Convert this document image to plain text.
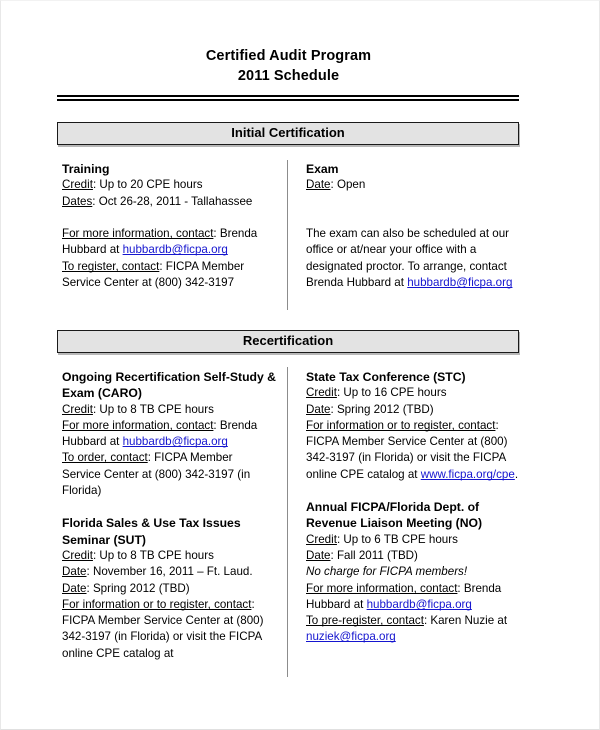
Certified Audit Program
2011 Schedule
Initial Certification
Training
Credit: Up to 20 CPE hours
Dates: Oct 26-28, 2011 - Tallahassee
For more information, contact: Brenda
Hubbard at hubbardb@ficpa.org
To register, contact: FICPA Member
Service Center at (800) 342-3197
Exam
Date: Open
The exam can also be scheduled at our
office or at/near your office with a
designated proctor. To arrange, contact
Brenda Hubbard at hubbardb@ficpa.org
Recertification
Ongoing Recertification Self-Study &
Exam (CARO)
Credit: Up to 8 TB CPE hours
For more information, contact: Brenda
Hubbard at hubbardb@ficpa.org
To order, contact: FICPA Member
Service Center at (800) 342-3197 (in
Florida)
Florida Sales & Use Tax Issues
Seminar (SUT)
Credit: Up to 8 TB CPE hours
Date: November 16, 2011 – Ft. Laud.
Date: Spring 2012 (TBD)
For information or to register, contact:
FICPA Member Service Center at (800)
342-3197 (in Florida) or visit the FICPA
online CPE catalog at
State Tax Conference (STC)
Credit: Up to 16 CPE hours
Date: Spring 2012 (TBD)
For information or to register, contact:
FICPA Member Service Center at (800)
342-3197 (in Florida) or visit the FICPA
online CPE catalog at www.ficpa.org/cpe.
Annual FICPA/Florida Dept. of
Revenue Liaison Meeting (NO)
Credit: Up to 6 TB CPE hours
Date: Fall 2011 (TBD)
No charge for FICPA members!
For more information, contact: Brenda
Hubbard at hubbardb@ficpa.org
To pre-register, contact: Karen Nuzie at
nuziek@ficpa.org
